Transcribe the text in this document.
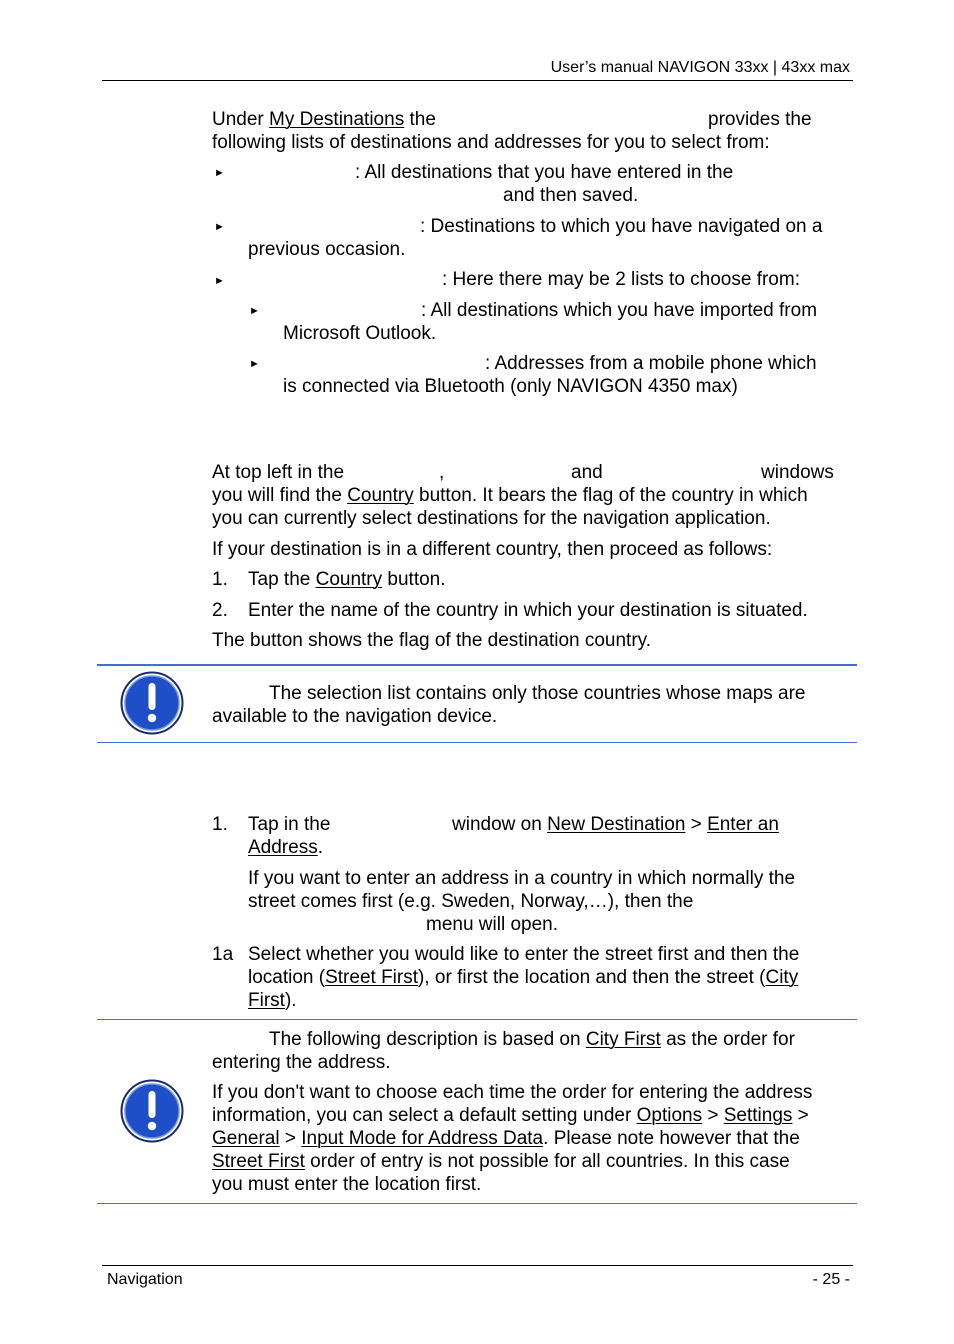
User’s manual NAVIGON 33xx | 43xx max
Under My Destinations the	provides the
following lists of destinations and addresses for you to select from:
►	: All destinations that you have entered in the
and then saved.
►	: Destinations to which you have navigated on a
previous occasion.
►	: Here there may be 2 lists to choose from:
►	: All destinations which you have imported from
Microsoft Outlook.
►	: Addresses from a mobile phone which
is connected via Bluetooth (only NAVIGON 4350 max)
At top left in the	,	and	windows
you will find the Country button. It bears the flag of the country in which
you can currently select destinations for the navigation application.
If your destination is in a different country, then proceed as follows:
1. Tap the Country button.
2. Enter the name of the country in which your destination is situated.
The button shows the flag of the destination country.
The selection list contains only those countries whose maps are
available to the navigation device.
1. Tap in the	window on New Destination > Enter an
Address.
If you want to enter an address in a country in which normally the
street comes first (e.g. Sweden, Norway,…), then the
menu will open.
1a Select whether you would like to enter the street first and then the
location (Street First), or first the location and then the street (City
First).
The following description is based on City First as the order for
entering the address.
If you don't want to choose each time the order for entering the address
information, you can select a default setting under Options > Settings >
General > Input Mode for Address Data. Please note however that the
Street First order of entry is not possible for all countries. In this case
you must enter the location first.
Navigation	- 25 -
